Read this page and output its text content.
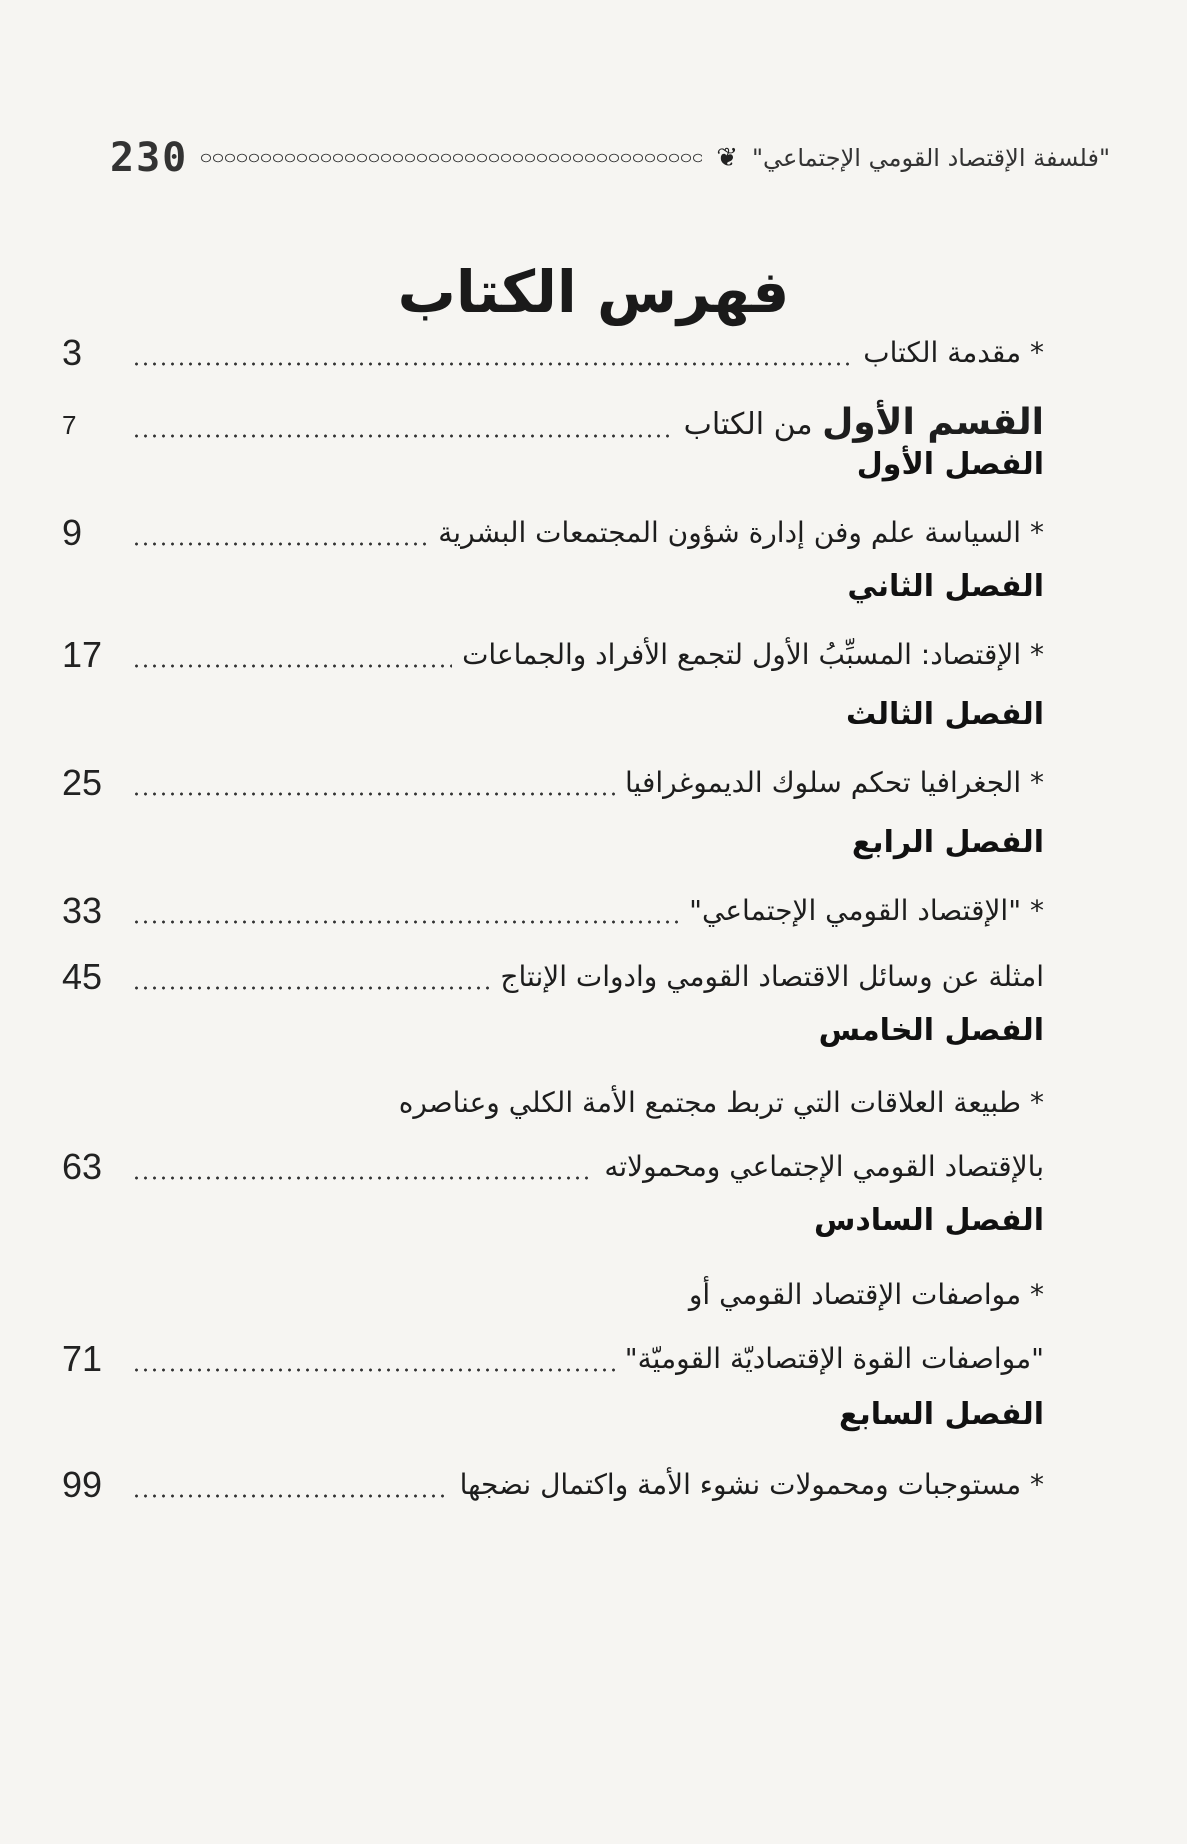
230	❦ "فلسفة الإقتصاد القومي الإجتماعي"
فهرس الكتاب
3	* مقدمة الكتاب
7	القسم الأول من الكتاب
الفصل الأول
9	* السياسة علم وفن إدارة شؤون المجتمعات البشرية
الفصل الثاني
17	* الإقتصاد: المسبِّبُ الأول لتجمع الأفراد والجماعات
الفصل الثالث
25	* الجغرافيا تحكم سلوك الديموغرافيا
الفصل الرابع
33	* "الإقتصاد القومي الإجتماعي"
45	امثلة عن وسائل الاقتصاد القومي وادوات الإنتاج
الفصل الخامس
* طبيعة العلاقات التي تربط مجتمع الأمة الكلي وعناصره
63	بالإقتصاد القومي الإجتماعي ومحمولاته
الفصل السادس
* مواصفات الإقتصاد القومي أو
71	"مواصفات القوة الإقتصاديّة القوميّة"
الفصل السابع
99	* مستوجبات ومحمولات نشوء الأمة واكتمال نضجها
